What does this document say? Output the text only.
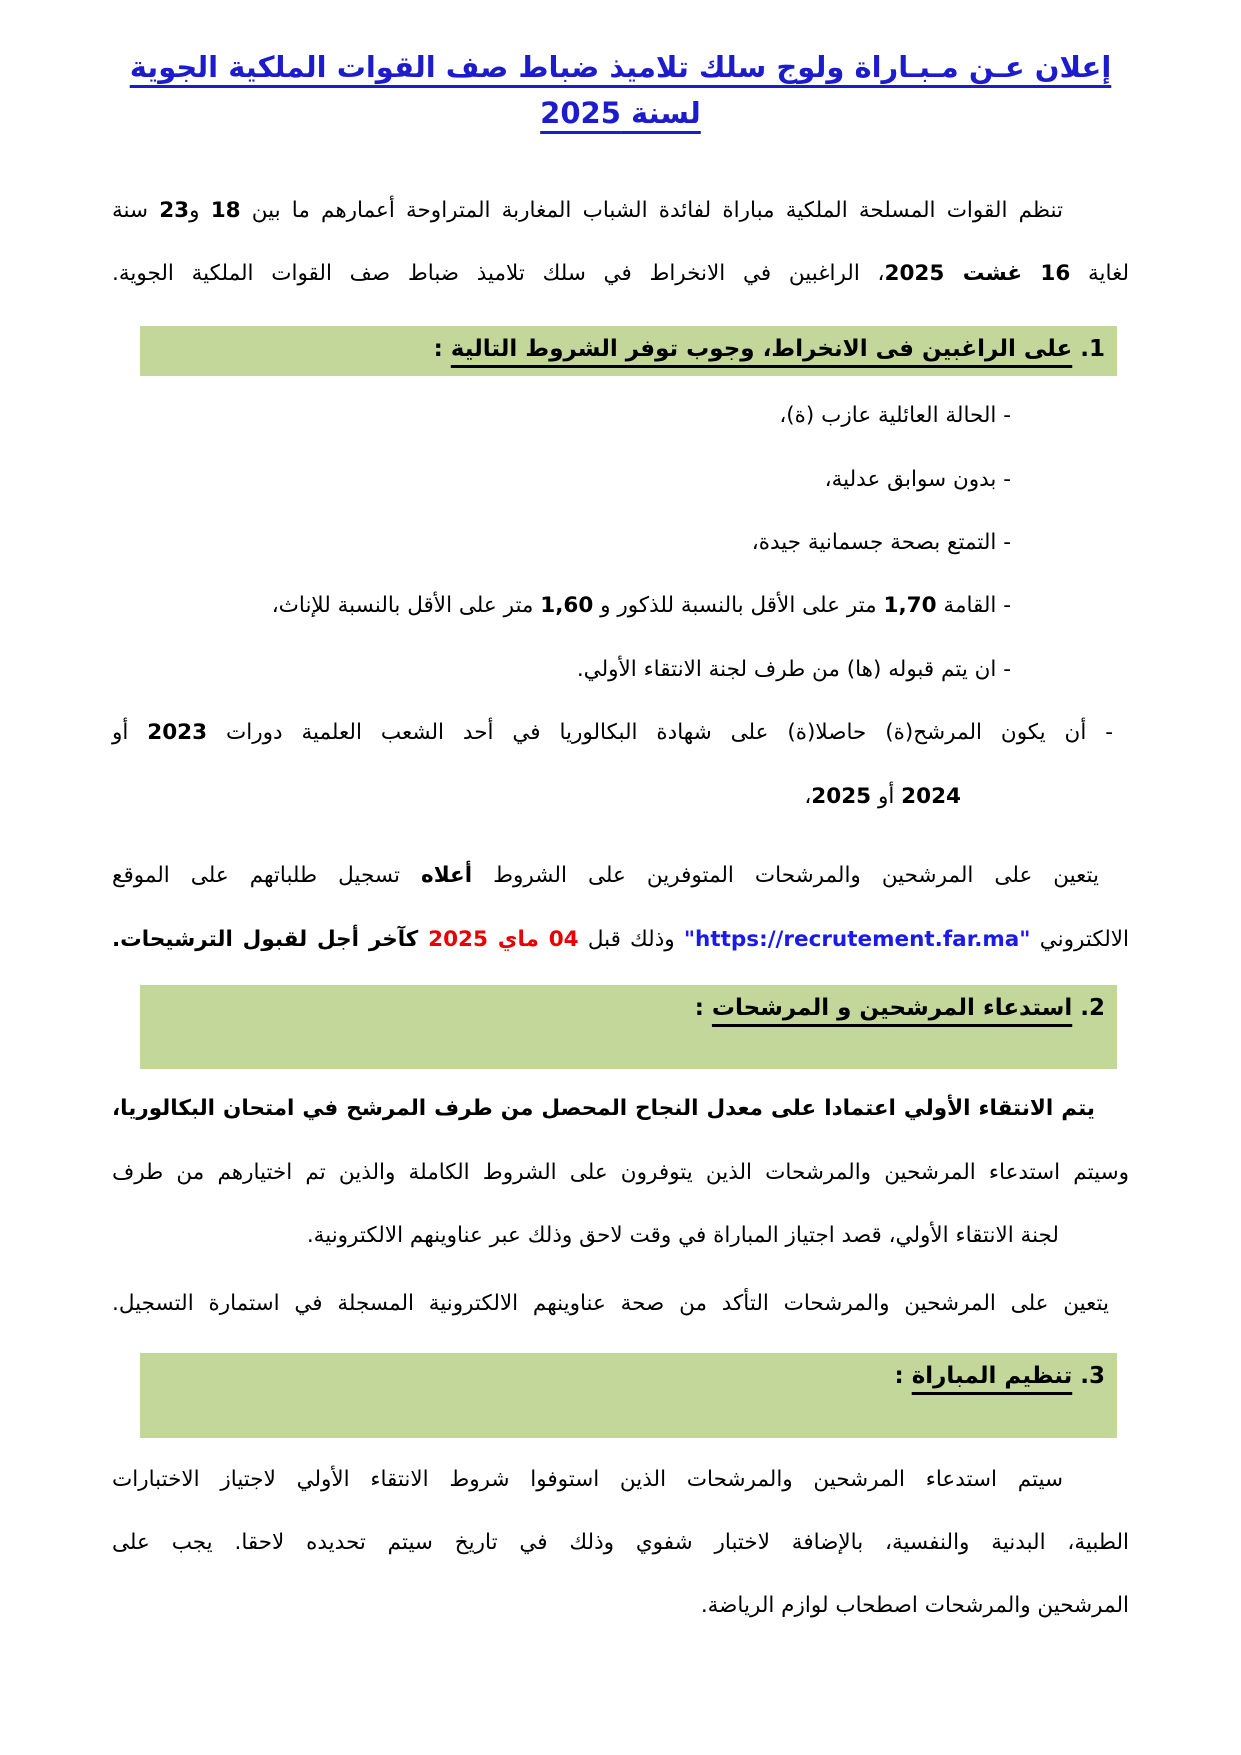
إعلان عـن مـبـاراة ولوج سلك تلاميذ ضباط صف القوات الملكية الجوية لسنة 2025
تنظم القوات المسلحة الملكية مباراة لفائدة الشباب المغاربة المتراوحة أعمارهم ما بين 18 و23 سنة
لغاية 16 غشت 2025، الراغبين في الانخراط في سلك تلاميذ ضباط صف القوات الملكية الجوية.
1.على الراغبين فى الانخراط، وجوب توفر الشروط التالية :
- الحالة العائلية عازب (ة)،
- بدون سوابق عدلية،
- التمتع بصحة جسمانية جيدة،
- القامة 1,70 متر على الأقل بالنسبة للذكور و 1,60 متر على الأقل بالنسبة للإناث،
- ان يتم قبوله (ها) من طرف لجنة الانتقاء الأولي.
- أن يكون المرشح(ة) حاصلا(ة) على شهادة البكالوريا في أحد الشعب العلمية دورات 2023 أو
2024 أو 2025،
يتعين على المرشحين والمرشحات المتوفرين على الشروط أعلاه تسجيل طلباتهم على الموقع
الالكتروني "https://recrutement.far.ma" وذلك قبل 04 ماي 2025 كآخر أجل لقبول الترشيحات.
2.استدعاء المرشحين و المرشحات :
يتم الانتقاء الأولي اعتمادا على معدل النجاح المحصل من طرف المرشح في امتحان البكالوريا،
وسيتم استدعاء المرشحين والمرشحات الذين يتوفرون على الشروط الكاملة والذين تم اختيارهم من طرف
لجنة الانتقاء الأولي، قصد اجتياز المباراة في وقت لاحق وذلك عبر عناوينهم الالكترونية.
يتعين على المرشحين والمرشحات التأكد من صحة عناوينهم الالكترونية المسجلة في استمارة التسجيل.
3.تنظيم المباراة :
سيتم استدعاء المرشحين والمرشحات الذين استوفوا شروط الانتقاء الأولي لاجتياز الاختبارات
الطبية، البدنية والنفسية، بالإضافة لاختبار شفوي وذلك في تاريخ سيتم تحديده لاحقا. يجب على
المرشحين والمرشحات اصطحاب لوازم الرياضة.
